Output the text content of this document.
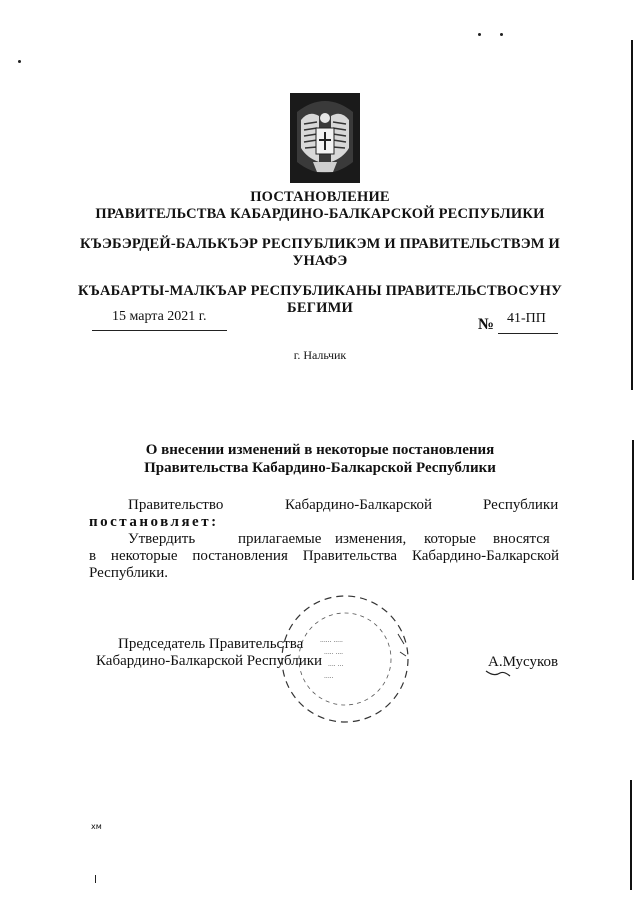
ПОСТАНОВЛЕНИЕ
ПРАВИТЕЛЬСТВА КАБАРДИНО-БАЛКАРСКОЙ РЕСПУБЛИКИ
КЪЭБЭРДЕЙ-БАЛЬКЪЭР РЕСПУБЛИКЭМ И ПРАВИТЕЛЬСТВЭМ И
УНАФЭ
КЪАБАРТЫ-МАЛКЪАР РЕСПУБЛИКАНЫ ПРАВИТЕЛЬСТВОСУНУ
БЕГИМИ
15 марта 2021 г.	№ 41-ПП
г. Нальчик
О внесении изменений в некоторые постановления
Правительства Кабардино-Балкарской Республики
Правительство	Кабардино-Балкарской	Республики
постановляет:
Утвердить	прилагаемые изменения, которые вносятся
в некоторые постановления Правительства Кабардино-Балкарской
Республики.
...... .....
..... ....
.... ...
.....
Председатель Правительства
Кабардино-Балкарской Республики	А.Мусуков
хм
